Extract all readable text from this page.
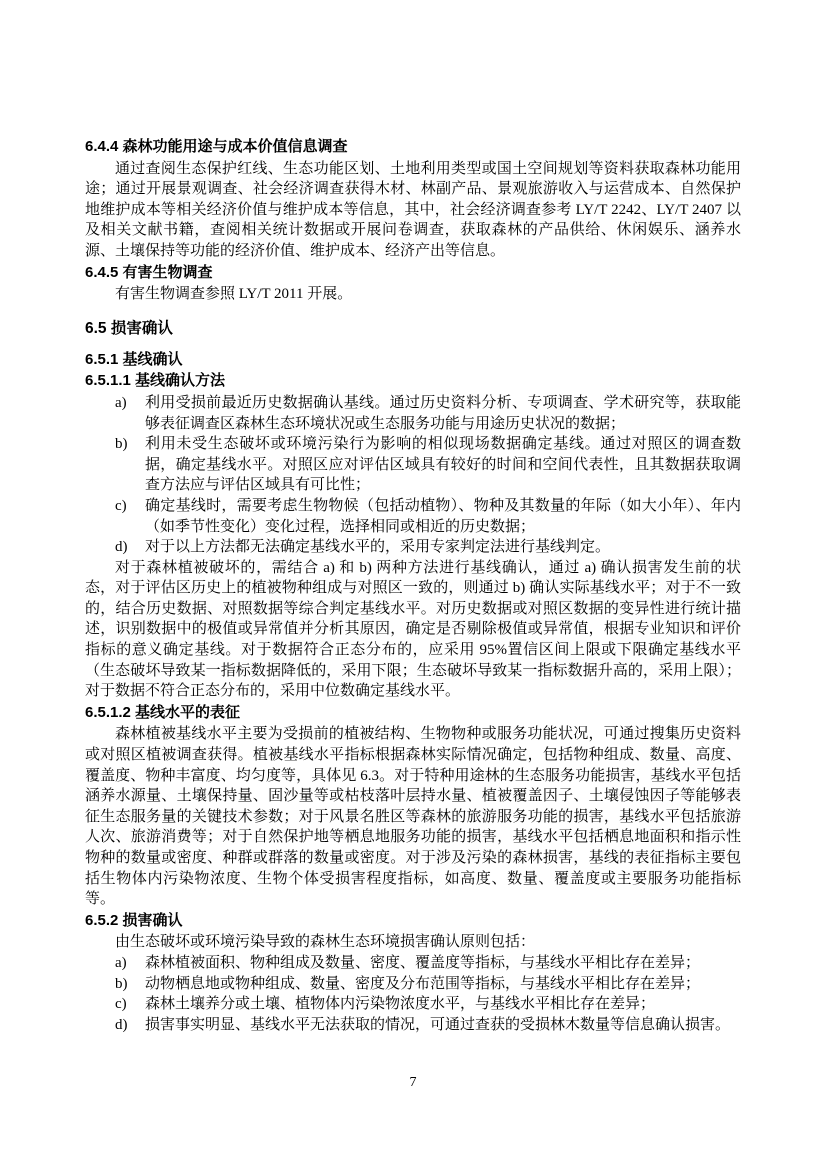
6.4.4 森林功能用途与成本价值信息调查

通过查阅生态保护红线、生态功能区划、土地利用类型或国土空间规划等资料获取森林功能用途；通过开展景观调查、社会经济调查获得木材、林副产品、景观旅游收入与运营成本、自然保护地维护成本等相关经济价值与维护成本等信息，其中，社会经济调查参考 LY/T 2242、LY/T 2407 以及相关文献书籍，查阅相关统计数据或开展问卷调查，获取森林的产品供给、休闲娱乐、涵养水源、土壤保持等功能的经济价值、维护成本、经济产出等信息。

6.4.5 有害生物调查

有害生物调查参照 LY/T 2011 开展。

6.5 损害确认
6.5.1 基线确认
6.5.1.1 基线确认方法
a)	利用受损前最近历史数据确认基线。通过历史资料分析、专项调查、学术研究等，获取能够表征调查区森林生态环境状况或生态服务功能与用途历史状况的数据；
b)	利用未受生态破坏或环境污染行为影响的相似现场数据确定基线。通过对照区的调查数据，确定基线水平。对照区应对评估区域具有较好的时间和空间代表性，且其数据获取调查方法应与评估区域具有可比性；
c)	确定基线时，需要考虑生物物候（包括动植物）、物种及其数量的年际（如大小年）、年内（如季节性变化）变化过程，选择相同或相近的历史数据；
d)	对于以上方法都无法确定基线水平的，采用专家判定法进行基线判定。

对于森林植被破坏的，需结合 a) 和 b) 两种方法进行基线确认，通过 a) 确认损害发生前的状态，对于评估区历史上的植被物种组成与对照区一致的，则通过 b) 确认实际基线水平；对于不一致的，结合历史数据、对照数据等综合判定基线水平。对历史数据或对照区数据的变异性进行统计描述，识别数据中的极值或异常值并分析其原因，确定是否剔除极值或异常值，根据专业知识和评价指标的意义确定基线。对于数据符合正态分布的，应采用 95%置信区间上限或下限确定基线水平（生态破坏导致某一指标数据降低的，采用下限；生态破坏导致某一指标数据升高的，采用上限）；对于数据不符合正态分布的，采用中位数确定基线水平。

6.5.1.2 基线水平的表征

森林植被基线水平主要为受损前的植被结构、生物物种或服务功能状况，可通过搜集历史资料或对照区植被调查获得。植被基线水平指标根据森林实际情况确定，包括物种组成、数量、高度、覆盖度、物种丰富度、均匀度等，具体见 6.3。对于特种用途林的生态服务功能损害，基线水平包括涵养水源量、土壤保持量、固沙量等或枯枝落叶层持水量、植被覆盖因子、土壤侵蚀因子等能够表征生态服务量的关键技术参数；对于风景名胜区等森林的旅游服务功能的损害，基线水平包括旅游人次、旅游消费等；对于自然保护地等栖息地服务功能的损害，基线水平包括栖息地面积和指示性物种的数量或密度、种群或群落的数量或密度。对于涉及污染的森林损害，基线的表征指标主要包括生物体内污染物浓度、生物个体受损害程度指标，如高度、数量、覆盖度或主要服务功能指标等。

6.5.2 损害确认

由生态破坏或环境污染导致的森林生态环境损害确认原则包括：

a)	森林植被面积、物种组成及数量、密度、覆盖度等指标，与基线水平相比存在差异；
b)	动物栖息地或物种组成、数量、密度及分布范围等指标，与基线水平相比存在差异；
c)	森林土壤养分或土壤、植物体内污染物浓度水平，与基线水平相比存在差异；
d)	损害事实明显、基线水平无法获取的情况，可通过查获的受损林木数量等信息确认损害。
7
